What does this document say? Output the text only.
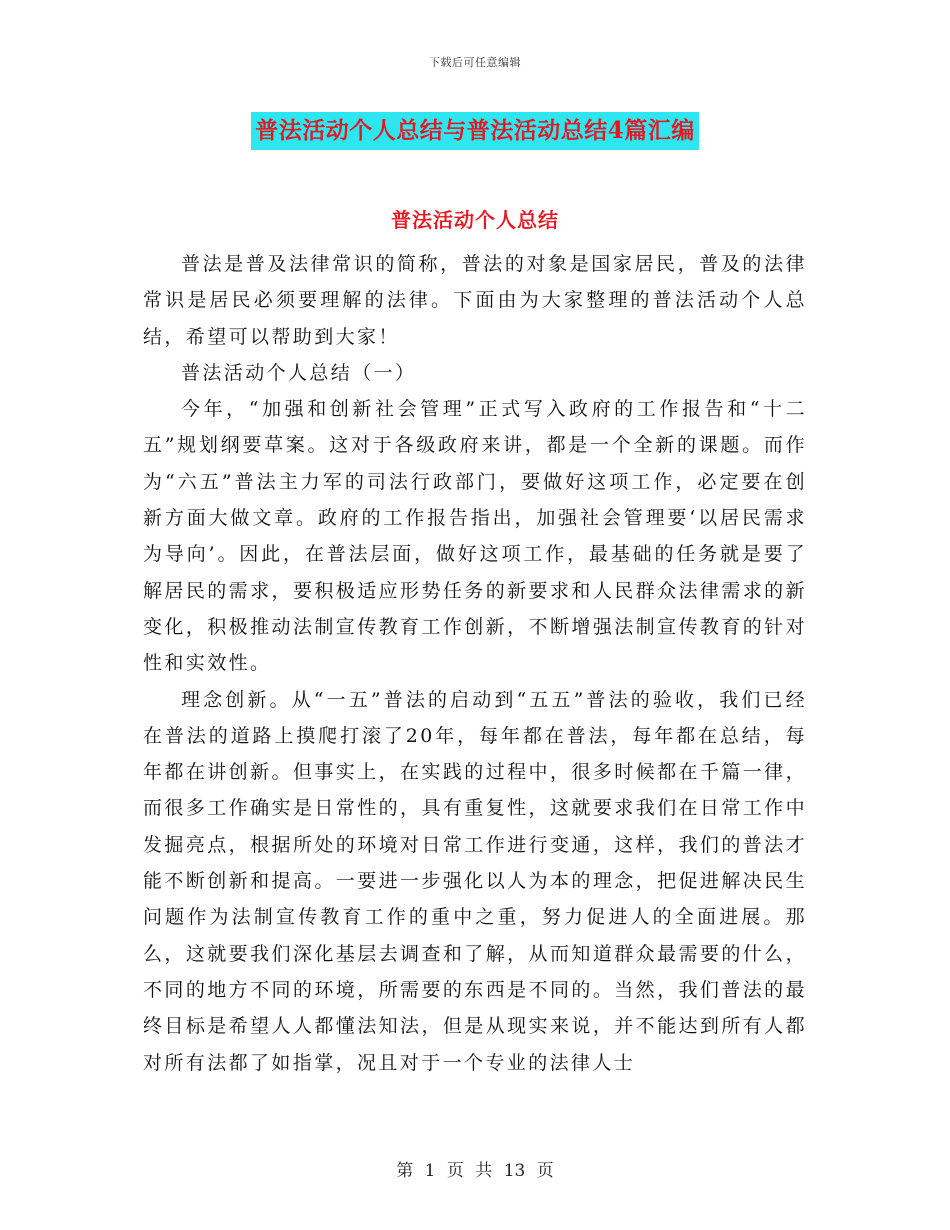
下载后可任意编辑
普法活动个人总结与普法活动总结4篇汇编
普法活动个人总结

普法是普及法律常识的简称，普法的对象是国家居民，普及的法律常识是居民必须要理解的法律。下面由为大家整理的普法活动个人总结，希望可以帮助到大家！

普法活动个人总结（一）

今年，“加强和创新社会管理”正式写入政府的工作报告和“十二五”规划纲要草案。这对于各级政府来讲，都是一个全新的课题。而作为“六五”普法主力军的司法行政部门，要做好这项工作，必定要在创新方面大做文章。政府的工作报告指出，加强社会管理要‘以居民需求为导向’。因此，在普法层面，做好这项工作，最基础的任务就是要了解居民的需求，要积极适应形势任务的新要求和人民群众法律需求的新变化，积极推动法制宣传教育工作创新，不断增强法制宣传教育的针对性和实效性。

理念创新。从“一五”普法的启动到“五五”普法的验收，我们已经在普法的道路上摸爬打滚了20年，每年都在普法，每年都在总结，每年都在讲创新。但事实上，在实践的过程中，很多时候都在千篇一律，而很多工作确实是日常性的，具有重复性，这就要求我们在日常工作中发掘亮点，根据所处的环境对日常工作进行变通，这样，我们的普法才能不断创新和提高。一要进一步强化以人为本的理念，把促进解决民生问题作为法制宣传教育工作的重中之重，努力促进人的全面进展。那么，这就要我们深化基层去调查和了解，从而知道群众最需要的什么，不同的地方不同的环境，所需要的东西是不同的。当然，我们普法的最终目标是希望人人都懂法知法，但是从现实来说，并不能达到所有人都对所有法都了如指掌，况且对于一个专业的法律人士

第 1 页 共 13 页
